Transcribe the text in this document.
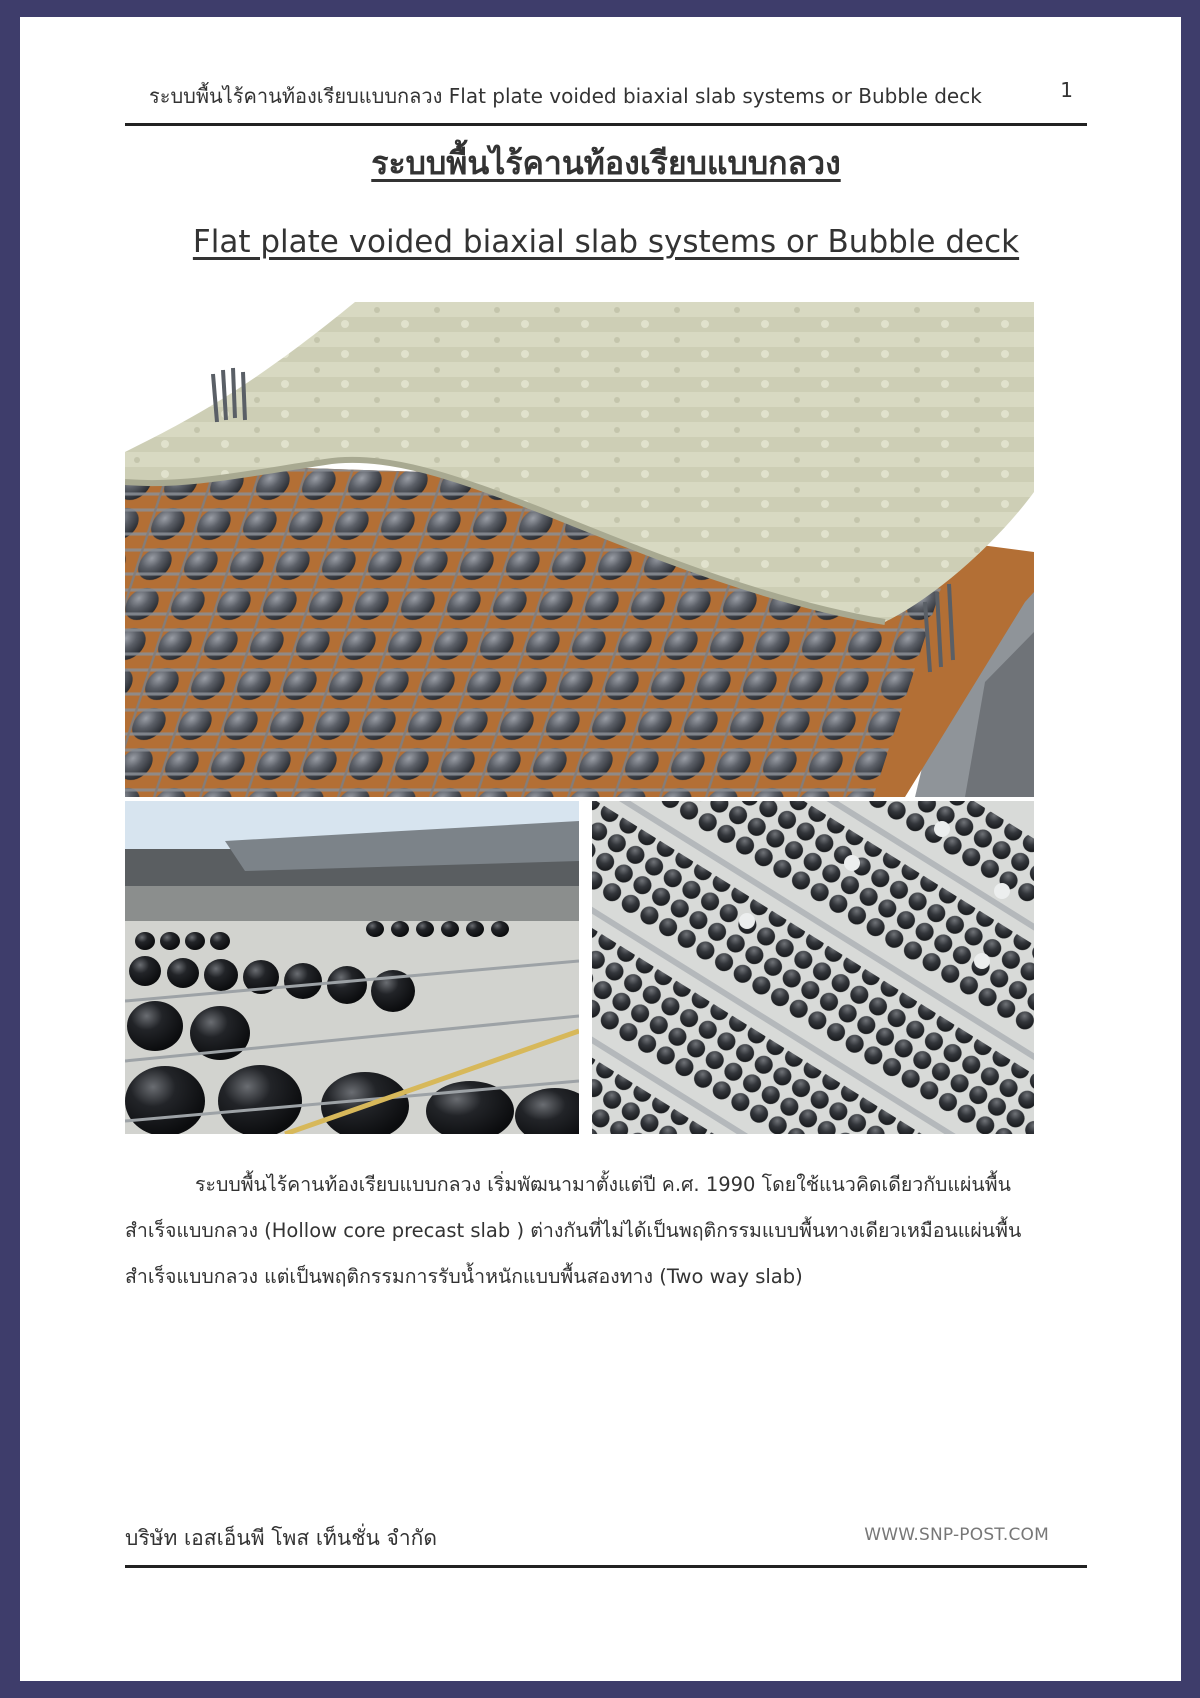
ระบบพื้นไร้คานท้องเรียบแบบกลวง Flat plate voided biaxial slab systems or Bubble deck	1
ระบบพื้นไร้คานท้องเรียบแบบกลวง
Flat plate voided biaxial slab systems or Bubble deck

ระบบพื้นไร้คานท้องเรียบแบบกลวง เริ่มพัฒนามาตั้งแต่ปี ค.ศ. 1990 โดยใช้แนวคิดเดียวกับแผ่นพื้นสำเร็จแบบกลวง (Hollow core precast slab ) ต่างกันที่ไม่ได้เป็นพฤติกรรมแบบพื้นทางเดียวเหมือนแผ่นพื้นสำเร็จแบบกลวง แต่เป็นพฤติกรรมการรับน้ำหนักแบบพื้นสองทาง (Two way slab)

บริษัท เอสเอ็นพี โพส เท็นชั่น จำกัด	WWW.SNP-POST.COM
